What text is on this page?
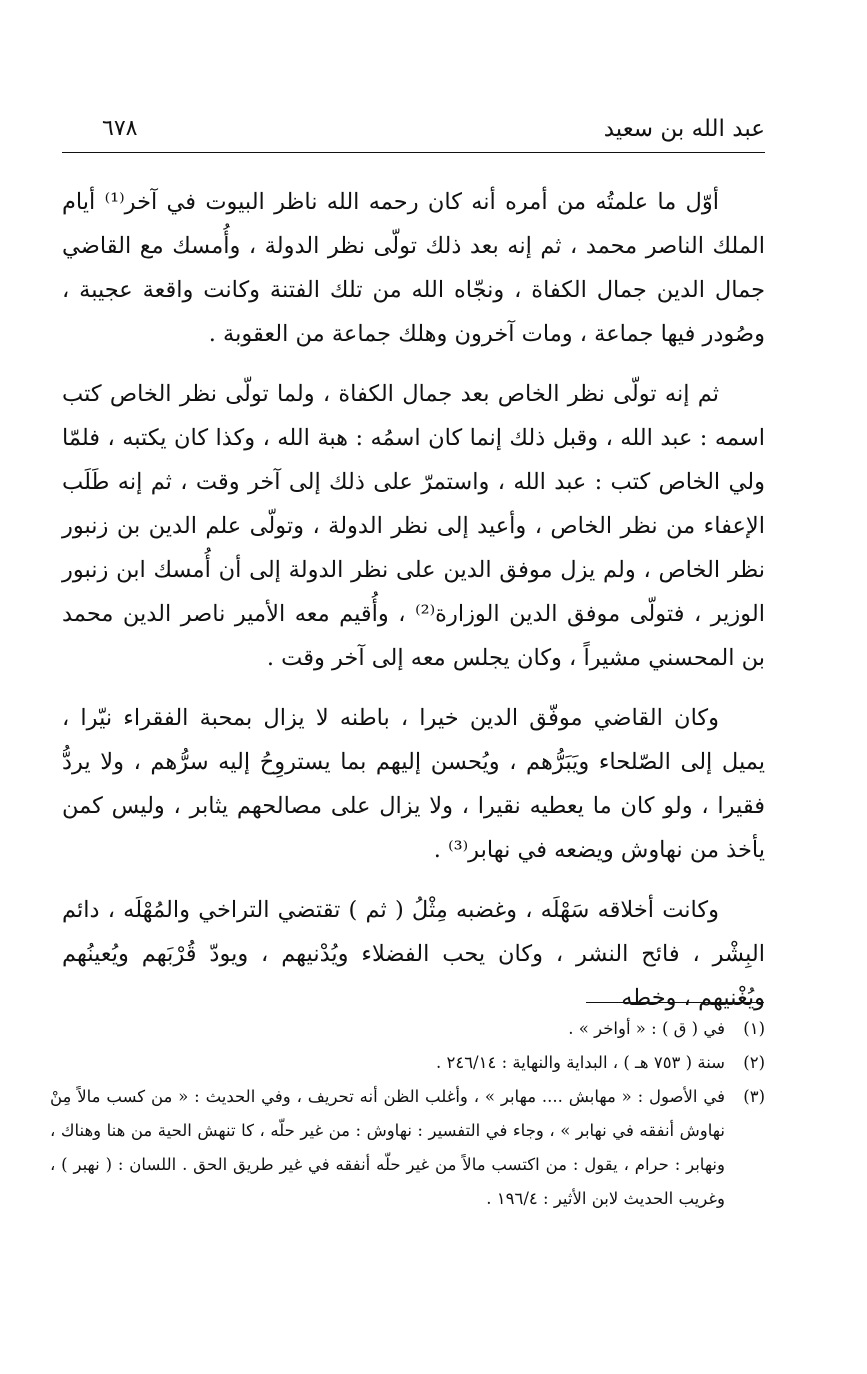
عبد الله بن سعيد
٦٧٨

أوّل ما علمتُه من أمره أنه كان رحمه الله ناظر البيوت في آخر⁽¹⁾ أيام الملك الناصر محمد ، ثم إنه بعد ذلك تولّى نظر الدولة ، وأُمسك مع القاضي جمال الدين جمال الكفاة ، ونجّاه الله من تلك الفتنة وكانت واقعة عجيبة ، وصُودر فيها جماعة ، ومات آخرون وهلك جماعة من العقوبة .

ثم إنه تولّى نظر الخاص بعد جمال الكفاة ، ولما تولّى نظر الخاص كتب اسمه : عبد الله ، وقبل ذلك إنما كان اسمُه : هبة الله ، وكذا كان يكتبه ، فلمّا ولي الخاص كتب : عبد الله ، واستمرّ على ذلك إلى آخر وقت ، ثم إنه طَلَب الإعفاء من نظر الخاص ، وأعيد إلى نظر الدولة ، وتولّى علم الدين بن زنبور نظر الخاص ، ولم يزل موفق الدين على نظر الدولة إلى أن أُمسك ابن زنبور الوزير ، فتولّى موفق الدين الوزارة⁽²⁾ ، وأُقيم معه الأمير ناصر الدين محمد بن المحسني مشيراً ، وكان يجلس معه إلى آخر وقت .

وكان القاضي موفّق الدين خيرا ، باطنه لا يزال بمحبة الفقراء نيّرا ، يميل إلى الصّلحاء ويَبَرُّهم ، ويُحسن إليهم بما يستروِحُ إليه سرُّهم ، ولا يردُّ فقيرا ، ولو كان ما يعطيه نقيرا ، ولا يزال على مصالحهم يثابر ، وليس كمن يأخذ من نهاوش ويضعه في نهابر⁽³⁾ .

وكانت أخلاقه سَهْلَه ، وغضبه مِثْلُ ( ثم ) تقتضي التراخي والمُهْلَه ، دائم البِشْر ، فائح النشر ، وكان يحب الفضلاء ويُدْنيهم ، ويودّ قُرْبَهم ويُعينُهم ويُغْنيهم ، وخطه

(١)
في ( ق ) : « أواخر » .
(٢)
سنة ( ٧٥٣ هـ ) ، البداية والنهاية : ٢٤٦/١٤ .
(٣)
في الأصول : « مهابش .... مهابر » ، وأغلب الظن أنه تحريف ، وفي الحديث : « من كسب مالاً مِنْ نهاوش أنفقه في نهابر » ، وجاء في التفسير : نهاوش : من غير حلّه ، كا تنهش الحية من هنا وهناك ، ونهابر : حرام ، يقول : من اكتسب مالاً من غير حلّه أنفقه في غير طريق الحق . اللسان : ( نهبر ) ، وغريب الحديث لابن الأثير : ١٩٦/٤ .
